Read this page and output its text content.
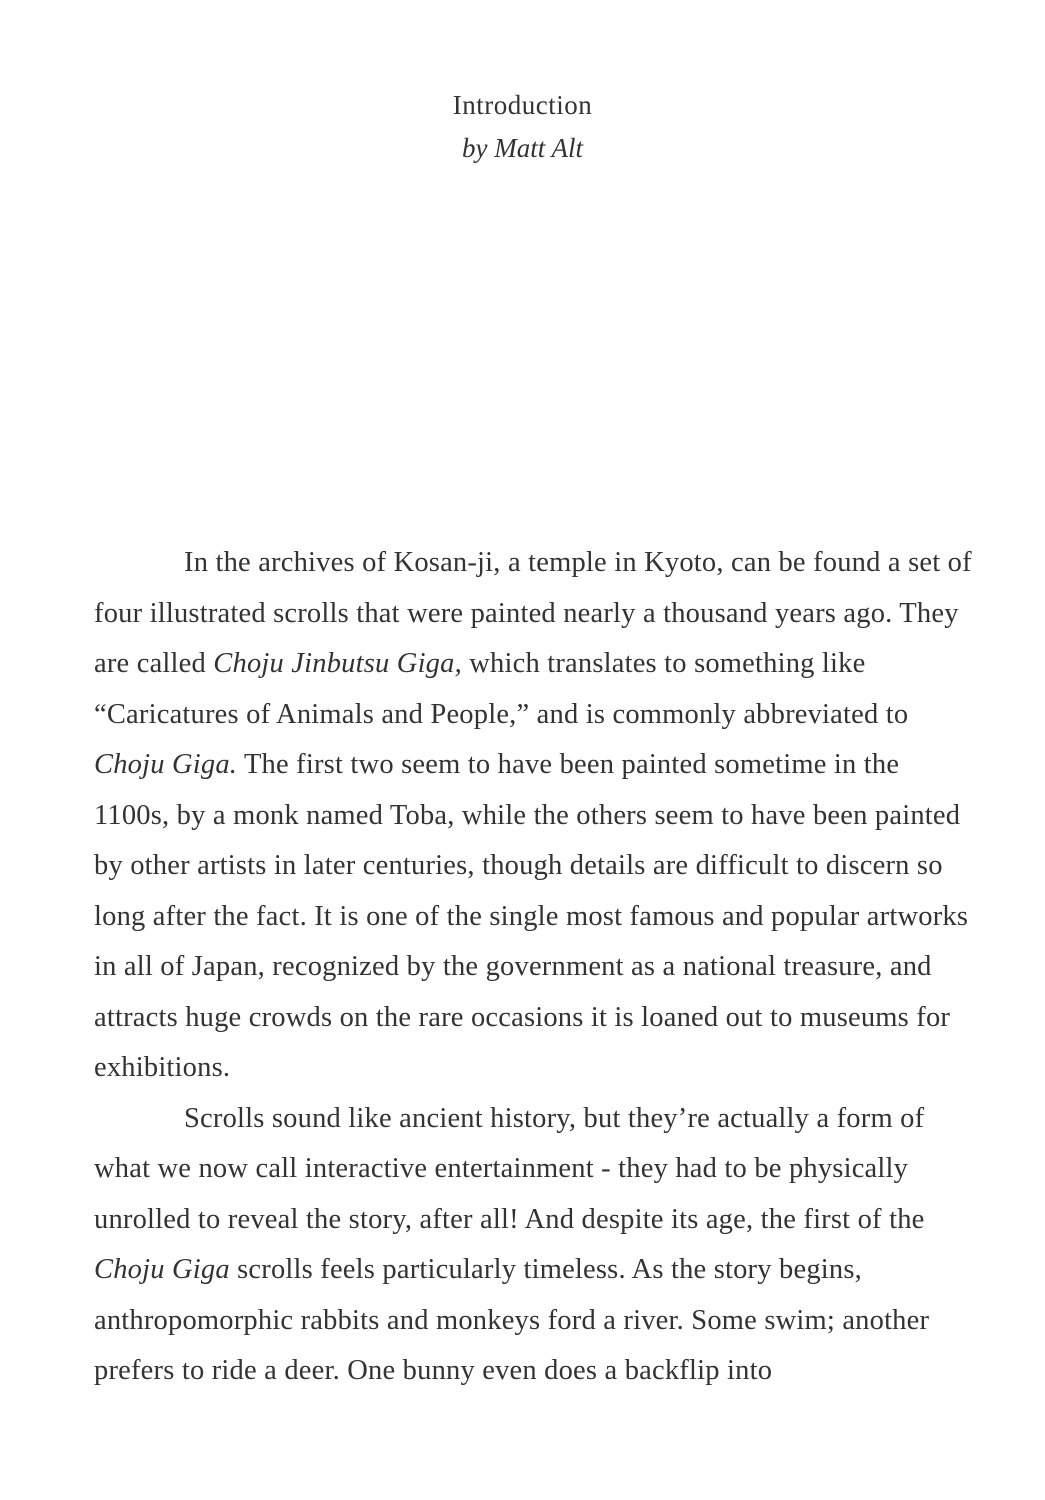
Introduction
by Matt Alt

In the archives of Kosan-ji, a temple in Kyoto, can be found a set of four illustrated scrolls that were painted nearly a thousand years ago. They are called Choju Jinbutsu Giga, which translates to something like “Caricatures of Animals and People,” and is commonly abbreviated to Choju Giga. The first two seem to have been painted sometime in the 1100s, by a monk named Toba, while the others seem to have been painted by other artists in later centuries, though details are difficult to discern so long after the fact. It is one of the single most famous and popular artworks in all of Japan, recognized by the government as a national treasure, and attracts huge crowds on the rare occasions it is loaned out to museums for exhibitions.

Scrolls sound like ancient history, but they’re actually a form of what we now call interactive entertainment - they had to be physically unrolled to reveal the story, after all! And despite its age, the first of the Choju Giga scrolls feels particularly timeless. As the story begins, anthropomorphic rabbits and monkeys ford a river. Some swim; another prefers to ride a deer. One bunny even does a backflip into
